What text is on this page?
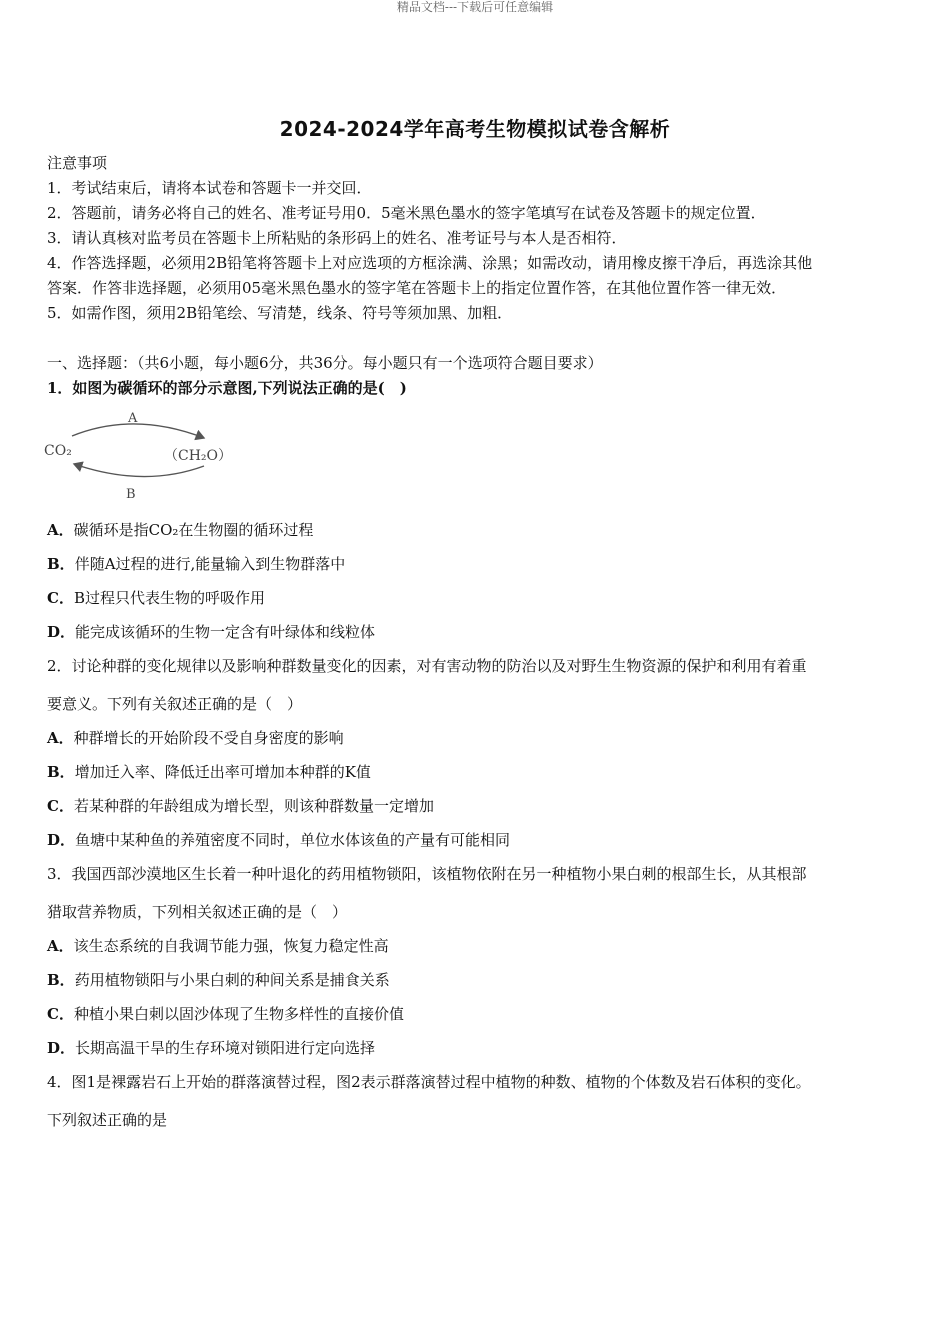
精品文档---下载后可任意编辑
2024-2024学年高考生物模拟试卷含解析
注意事项
1．考试结束后，请将本试卷和答题卡一并交回．
2．答题前，请务必将自己的姓名、准考证号用0．5毫米黑色墨水的签字笔填写在试卷及答题卡的规定位置．
3．请认真核对监考员在答题卡上所粘贴的条形码上的姓名、准考证号与本人是否相符．
4．作答选择题，必须用2B铅笔将答题卡上对应选项的方框涂满、涂黑；如需改动，请用橡皮擦干净后，再选涂其他
答案．作答非选择题，必须用05毫米黑色墨水的签字笔在答题卡上的指定位置作答，在其他位置作答一律无效．
5．如需作图，须用2B铅笔绘、写清楚，线条、符号等须加黑、加粗．
一、选择题：（共6小题，每小题6分，共36分。每小题只有一个选项符合题目要求）
1．如图为碳循环的部分示意图,下列说法正确的是(　)
A
B
CO₂	（CH₂O）
A．碳循环是指CO₂在生物圈的循环过程
B．伴随A过程的进行,能量输入到生物群落中
C．B过程只代表生物的呼吸作用
D．能完成该循环的生物一定含有叶绿体和线粒体
2．讨论种群的变化规律以及影响种群数量变化的因素，对有害动物的防治以及对野生生物资源的保护和利用有着重
要意义。下列有关叙述正确的是（　）
A．种群增长的开始阶段不受自身密度的影响
B．增加迁入率、降低迁出率可增加本种群的K值
C．若某种群的年龄组成为增长型，则该种群数量一定增加
D．鱼塘中某种鱼的养殖密度不同时，单位水体该鱼的产量有可能相同
3．我国西部沙漠地区生长着一种叶退化的药用植物锁阳，该植物依附在另一种植物小果白刺的根部生长，从其根部
猎取营养物质，下列相关叙述正确的是（　）
A．该生态系统的自我调节能力强，恢复力稳定性高
B．药用植物锁阳与小果白刺的种间关系是捕食关系
C．种植小果白刺以固沙体现了生物多样性的直接价值
D．长期高温干旱的生存环境对锁阳进行定向选择
4．图1是裸露岩石上开始的群落演替过程，图2表示群落演替过程中植物的种数、植物的个体数及岩石体积的变化。
下列叙述正确的是
